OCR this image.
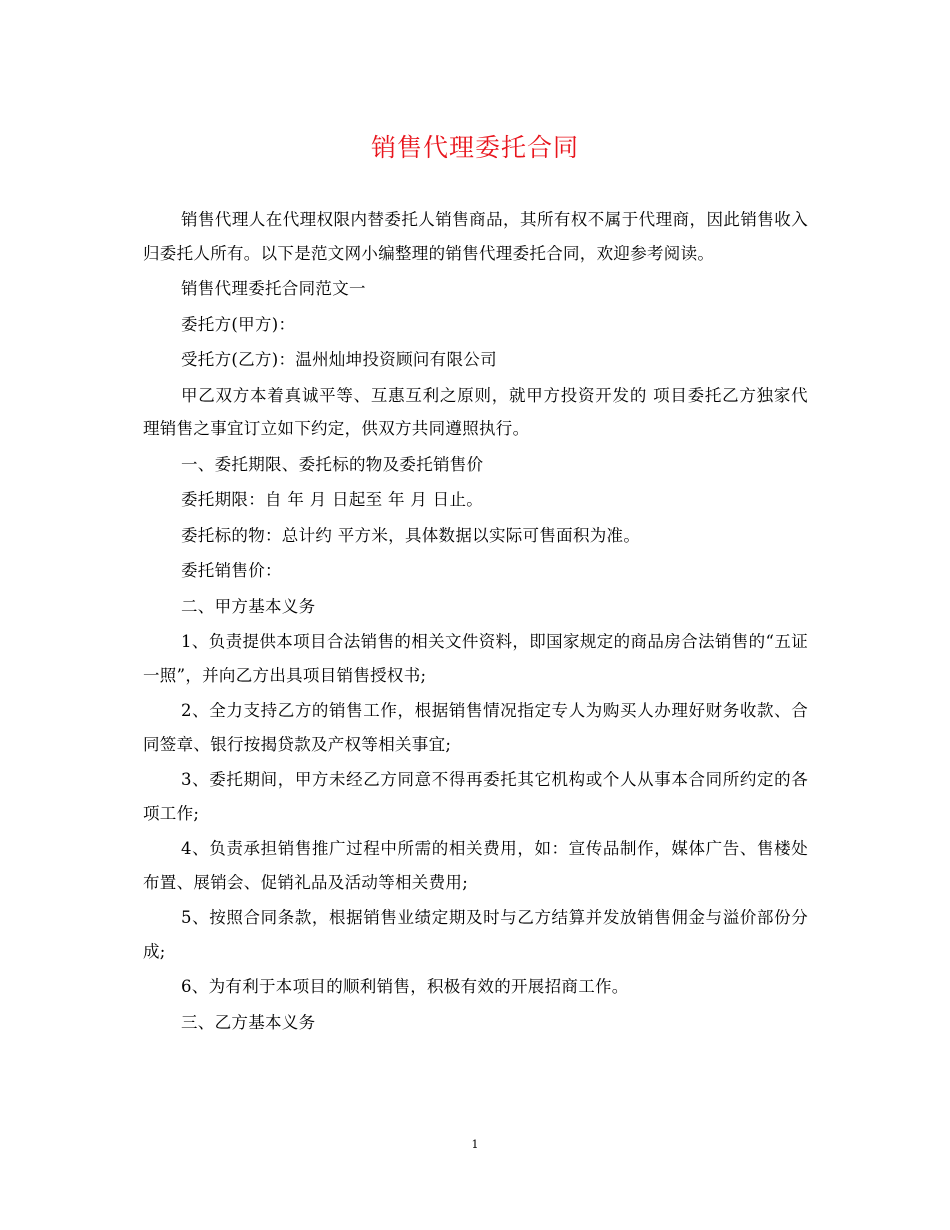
销售代理委托合同

销售代理人在代理权限内替委托人销售商品，其所有权不属于代理商，因此销售收入归委托人所有。以下是范文网小编整理的销售代理委托合同，欢迎参考阅读。

销售代理委托合同范文一

委托方(甲方)：

受托方(乙方)：温州灿坤投资顾问有限公司

甲乙双方本着真诚平等、互惠互利之原则，就甲方投资开发的 项目委托乙方独家代理销售之事宜订立如下约定，供双方共同遵照执行。

一、委托期限、委托标的物及委托销售价

委托期限：自 年 月 日起至 年 月 日止。

委托标的物：总计约 平方米，具体数据以实际可售面积为准。

委托销售价：

二、甲方基本义务

1、负责提供本项目合法销售的相关文件资料，即国家规定的商品房合法销售的“五证一照”，并向乙方出具项目销售授权书;

2、全力支持乙方的销售工作，根据销售情况指定专人为购买人办理好财务收款、合同签章、银行按揭贷款及产权等相关事宜;

3、委托期间，甲方未经乙方同意不得再委托其它机构或个人从事本合同所约定的各项工作;

4、负责承担销售推广过程中所需的相关费用，如：宣传品制作，媒体广告、售楼处布置、展销会、促销礼品及活动等相关费用;

5、按照合同条款，根据销售业绩定期及时与乙方结算并发放销售佣金与溢价部份分成;

6、为有利于本项目的顺利销售，积极有效的开展招商工作。

三、乙方基本义务

1
